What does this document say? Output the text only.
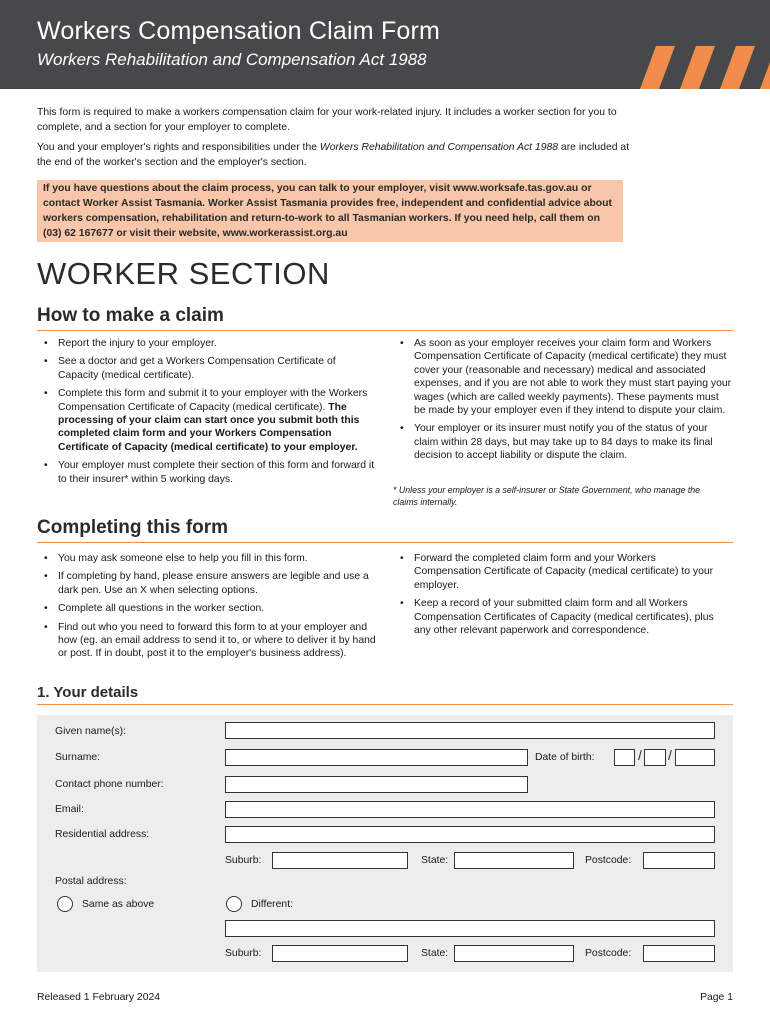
Workers Compensation Claim Form
Workers Rehabilitation and Compensation Act 1988

This form is required to make a workers compensation claim for your work-related injury. It includes a worker section for you to complete, and a section for your employer to complete.

You and your employer's rights and responsibilities under the Workers Rehabilitation and Compensation Act 1988 are included at the end of the worker's section and the employer's section.

If you have questions about the claim process, you can talk to your employer, visit www.worksafe.tas.gov.au or contact Worker Assist Tasmania. Worker Assist Tasmania provides free, independent and confidential advice about workers compensation, rehabilitation and return-to-work to all Tasmanian workers. If you need help, call them on (03) 62 167677 or visit their website, www.workerassist.org.au
WORKER SECTION
How to make a claim
• Report the injury to your employer.
• See a doctor and get a Workers Compensation Certificate of Capacity (medical certificate).
• Complete this form and submit it to your employer with the Workers Compensation Certificate of Capacity (medical certificate). The processing of your claim can start once you submit both this completed claim form and your Workers Compensation Certificate of Capacity (medical certificate) to your employer.
• Your employer must complete their section of this form and forward it to their insurer* within 5 working days.
• As soon as your employer receives your claim form and Workers Compensation Certificate of Capacity (medical certificate) they must cover your (reasonable and necessary) medical and associated expenses, and if you are not able to work they must start paying your wages (which are called weekly payments). These payments must be made by your employer even if they intend to dispute your claim.
• Your employer or its insurer must notify you of the status of your claim within 28 days, but may take up to 84 days to make its final decision to accept liability or dispute the claim.
* Unless your employer is a self-insurer or State Government, who manage the claims internally.
Completing this form
• You may ask someone else to help you fill in this form.
• If completing by hand, please ensure answers are legible and use a dark pen. Use an X when selecting options.
• Complete all questions in the worker section.
• Find out who you need to forward this form to at your employer and how (eg. an email address to send it to, or where to deliver it by hand or post. If in doubt, post it to the employer's business address).
• Forward the completed claim form and your Workers Compensation Certificate of Capacity (medical certificate) to your employer.
• Keep a record of your submitted claim form and all Workers Compensation Certificates of Capacity (medical certificates), plus any other relevant paperwork and correspondence.
1. Your details
Given name(s):
Surname:	Date of birth:	/ /
Contact phone number:
Email:
Residential address:
Suburb:	State:	Postcode:
Postal address:
Same as above	Different:
Suburb:	State:	Postcode:
Released 1 February 2024	Page 1
